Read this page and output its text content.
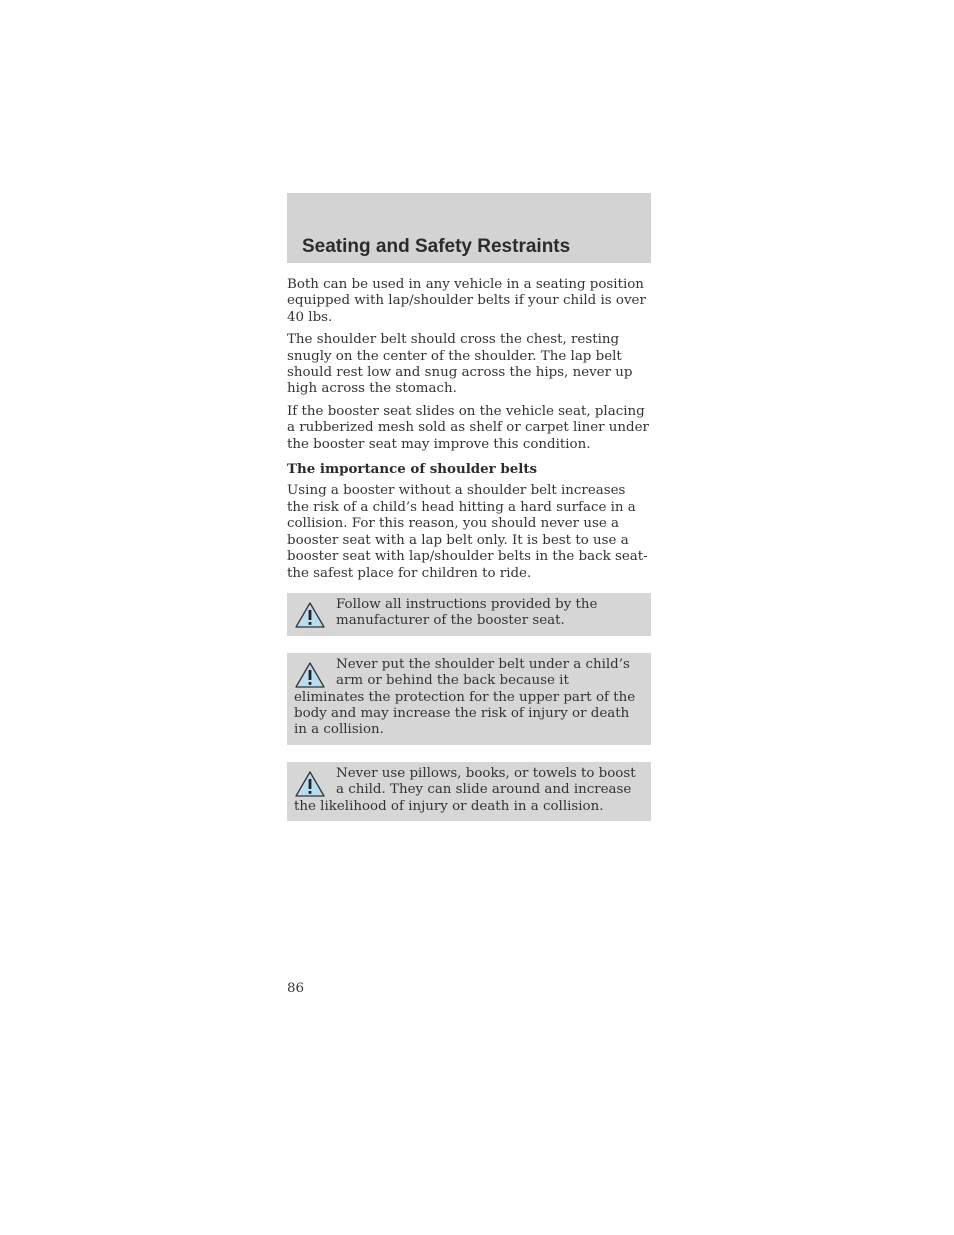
Seating and Safety Restraints

Both can be used in any vehicle in a seating position equipped with lap/shoulder belts if your child is over 40 lbs.

The shoulder belt should cross the chest, resting snugly on the center of the shoulder. The lap belt should rest low and snug across the hips, never up high across the stomach.

If the booster seat slides on the vehicle seat, placing a rubberized mesh sold as shelf or carpet liner under the booster seat may improve this condition.

The importance of shoulder belts

Using a booster without a shoulder belt increases the risk of a child’s head hitting a hard surface in a collision. For this reason, you should never use a booster seat with a lap belt only. It is best to use a booster seat with lap/shoulder belts in the back seat-the safest place for children to ride.

Follow all instructions provided by the manufacturer of the booster seat.
Never put the shoulder belt under a child’s arm or behind the back because it eliminates the protection for the upper part of the body and may increase the risk of injury or death in a collision.
Never use pillows, books, or towels to boost a child. They can slide around and increase the likelihood of injury or death in a collision.

86
